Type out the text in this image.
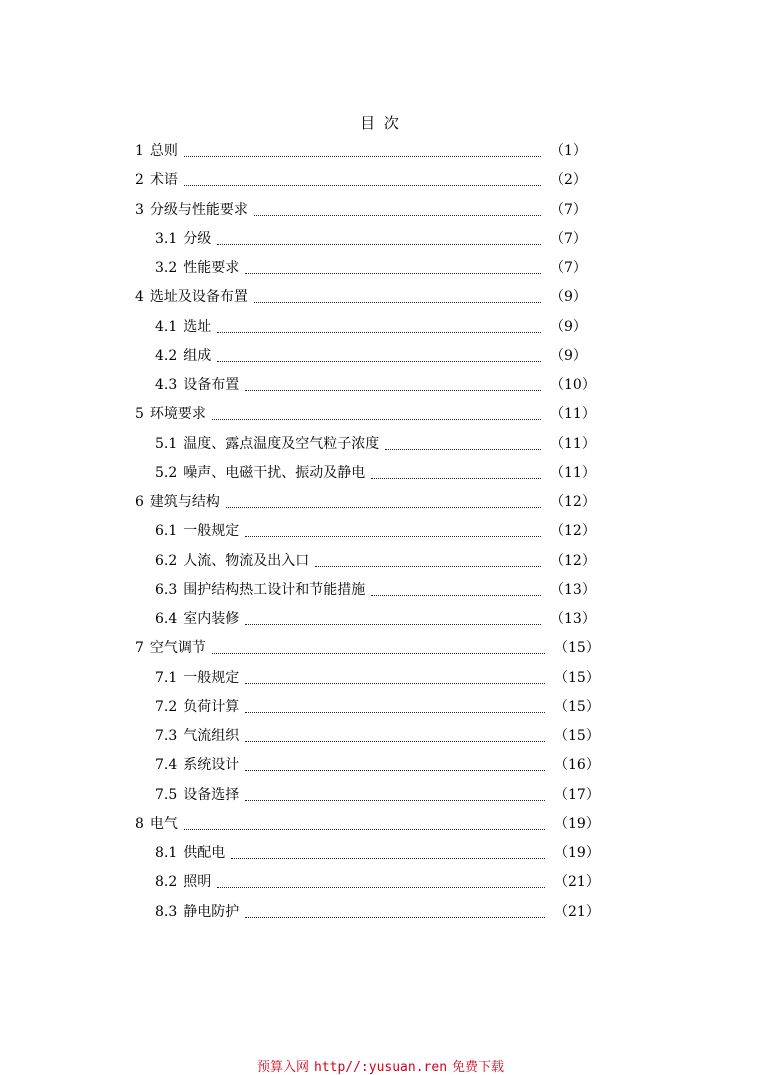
目 次
1 总则	（1）
2 术语	（2）
3 分级与性能要求	（7）
3.1 分级	（7）
3.2 性能要求	（7）
4 选址及设备布置	（9）
4.1 选址	（9）
4.2 组成	（9）
4.3 设备布置	（10）
5 环境要求	（11）
5.1 温度、露点温度及空气粒子浓度	（11）
5.2 噪声、电磁干扰、振动及静电	（11）
6 建筑与结构	（12）
6.1 一般规定	（12）
6.2 人流、物流及出入口	（12）
6.3 围护结构热工设计和节能措施	（13）
6.4 室内装修	（13）
7 空气调节	（15）
7.1 一般规定	（15）
7.2 负荷计算	（15）
7.3 气流组织	（15）
7.4 系统设计	（16）
7.5 设备选择	（17）
8 电气	（19）
8.1 供配电	（19）
8.2 照明	（21）
8.3 静电防护	（21）
预算入网 http//:yusuan.ren 免费下载
